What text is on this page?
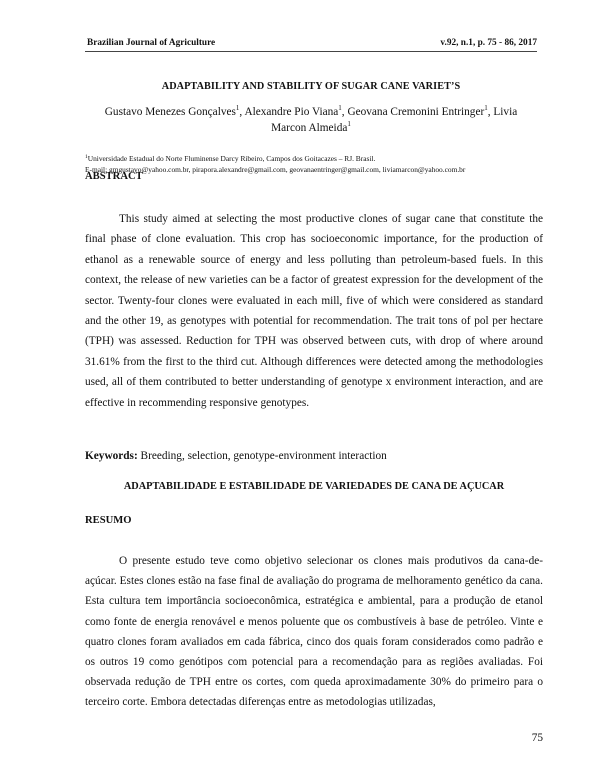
Brazilian Journal of Agriculture	v.92, n.1, p. 75 - 86, 2017
ADAPTABILITY AND STABILITY OF SUGAR CANE VARIET’S
Gustavo Menezes Gonçalves$^1$, Alexandre Pio Viana$^1$, Geovana Cremonini Entringer$^1$, Livia Marcon Almeida$^1$
$^1$Universidade Estadual do Norte Fluminense Darcy Ribeiro, Campos dos Goitacazes – RJ. Brasil.
E-mail: gmgustavo@yahoo.com.br, pirapora.alexandre@gmail.com, geovanaentringer@gmail.com, liviamarcon@yahoo.com.br
ABSTRACT
This study aimed at selecting the most productive clones of sugar cane that constitute the final phase of clone evaluation. This crop has socioeconomic importance, for the production of ethanol as a renewable source of energy and less polluting than petroleum-based fuels. In this context, the release of new varieties can be a factor of greatest expression for the development of the sector. Twenty-four clones were evaluated in each mill, five of which were considered as standard and the other 19, as genotypes with potential for recommendation. The trait tons of pol per hectare (TPH) was assessed. Reduction for TPH was observed between cuts, with drop of where around 31.61% from the first to the third cut. Although differences were detected among the methodologies used, all of them contributed to better understanding of genotype x environment interaction, and are effective in recommending responsive genotypes.
Keywords: Breeding, selection, genotype-environment interaction
ADAPTABILIDADE E ESTABILIDADE DE VARIEDADES DE CANA DE AÇUCAR
RESUMO
O presente estudo teve como objetivo selecionar os clones mais produtivos da cana-de-açúcar. Estes clones estão na fase final de avaliação do programa de melhoramento genético da cana. Esta cultura tem importância socioeconômica, estratégica e ambiental, para a produção de etanol como fonte de energia renovável e menos poluente que os combustíveis à base de petróleo. Vinte e quatro clones foram avaliados em cada fábrica, cinco dos quais foram considerados como padrão e os outros 19 como genótipos com potencial para a recomendação para as regiões avaliadas. Foi observada redução de TPH entre os cortes, com queda aproximadamente 30% do primeiro para o terceiro corte. Embora detectadas diferenças entre as metodologias utilizadas,
75
